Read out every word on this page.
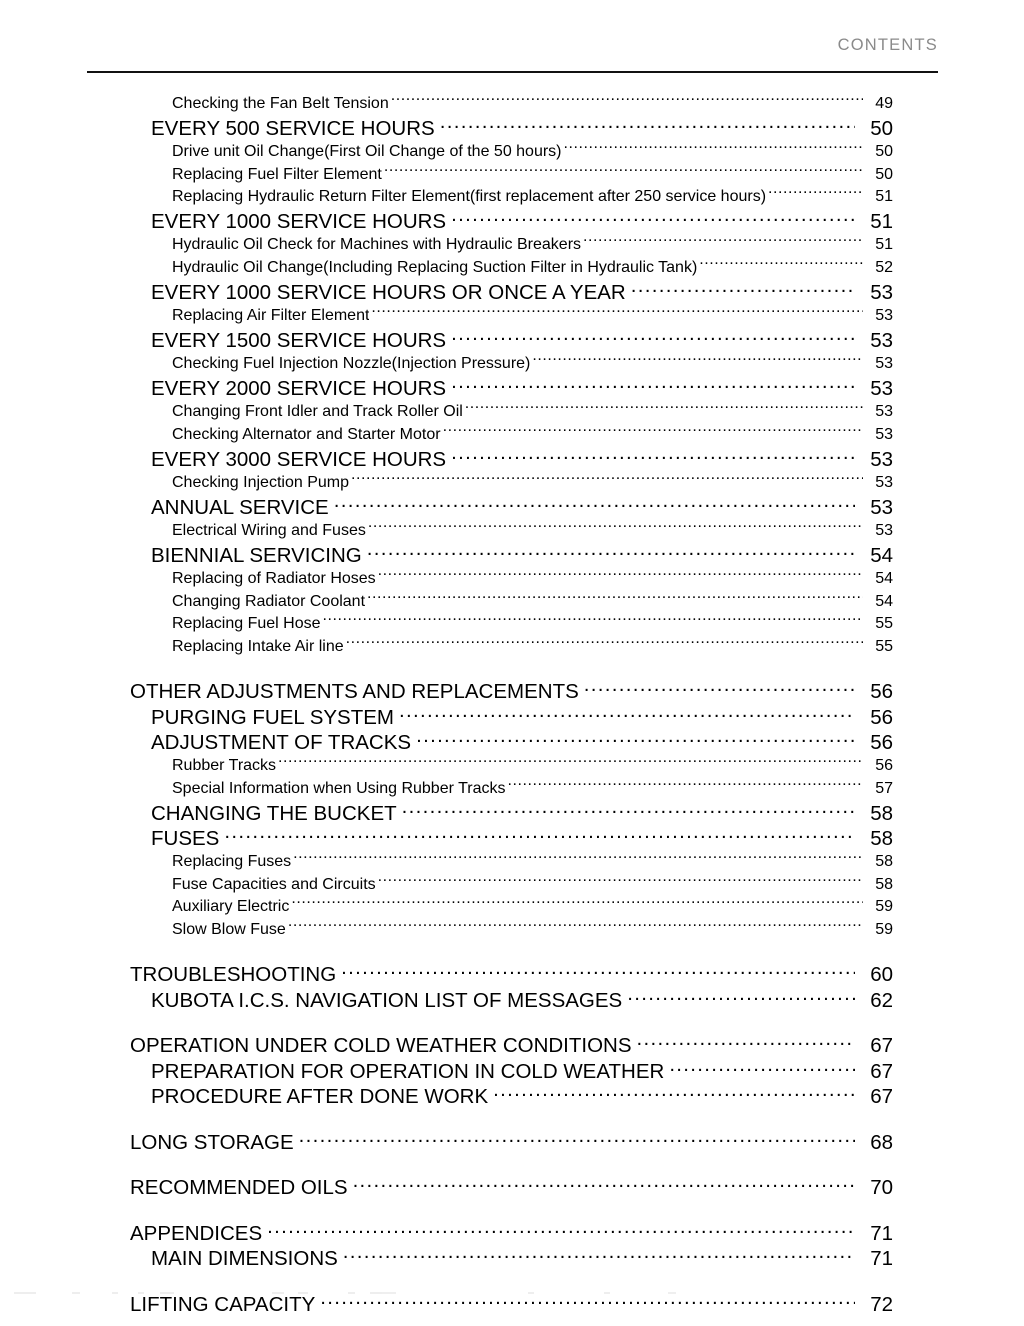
CONTENTS
Checking the Fan Belt Tension .....	49
EVERY 500 SERVICE HOURS .....	50
Drive unit Oil Change(First Oil Change of the 50 hours) .....	50
Replacing Fuel Filter Element .....	50
Replacing Hydraulic Return Filter Element(first replacement after 250 service hours) .....	51
EVERY 1000 SERVICE HOURS .....	51
Hydraulic Oil Check for Machines with Hydraulic Breakers .....	51
Hydraulic Oil Change(Including Replacing Suction Filter in Hydraulic Tank) .....	52
EVERY 1000 SERVICE HOURS OR ONCE A YEAR .....	53
Replacing Air Filter Element .....	53
EVERY 1500 SERVICE HOURS .....	53
Checking Fuel Injection Nozzle(Injection Pressure) .....	53
EVERY 2000 SERVICE HOURS .....	53
Changing Front Idler and Track Roller Oil .....	53
Checking Alternator and Starter Motor .....	53
EVERY 3000 SERVICE HOURS .....	53
Checking Injection Pump .....	53
ANNUAL SERVICE .....	53
Electrical Wiring and Fuses .....	53
BIENNIAL SERVICING .....	54
Replacing of Radiator Hoses .....	54
Changing Radiator Coolant .....	54
Replacing Fuel Hose .....	55
Replacing Intake Air line .....	55
OTHER ADJUSTMENTS AND REPLACEMENTS .....	56
PURGING FUEL SYSTEM .....	56
ADJUSTMENT OF TRACKS .....	56
Rubber Tracks .....	56
Special Information when Using Rubber Tracks .....	57
CHANGING THE BUCKET .....	58
FUSES .....	58
Replacing Fuses .....	58
Fuse Capacities and Circuits .....	58
Auxiliary Electric .....	59
Slow Blow Fuse .....	59
TROUBLESHOOTING .....	60
KUBOTA I.C.S. NAVIGATION LIST OF MESSAGES .....	62
OPERATION UNDER COLD WEATHER CONDITIONS .....	67
PREPARATION FOR OPERATION IN COLD WEATHER .....	67
PROCEDURE AFTER DONE WORK .....	67
LONG STORAGE .....	68
RECOMMENDED OILS .....	70
APPENDICES .....	71
MAIN DIMENSIONS .....	71
LIFTING CAPACITY .....	72
